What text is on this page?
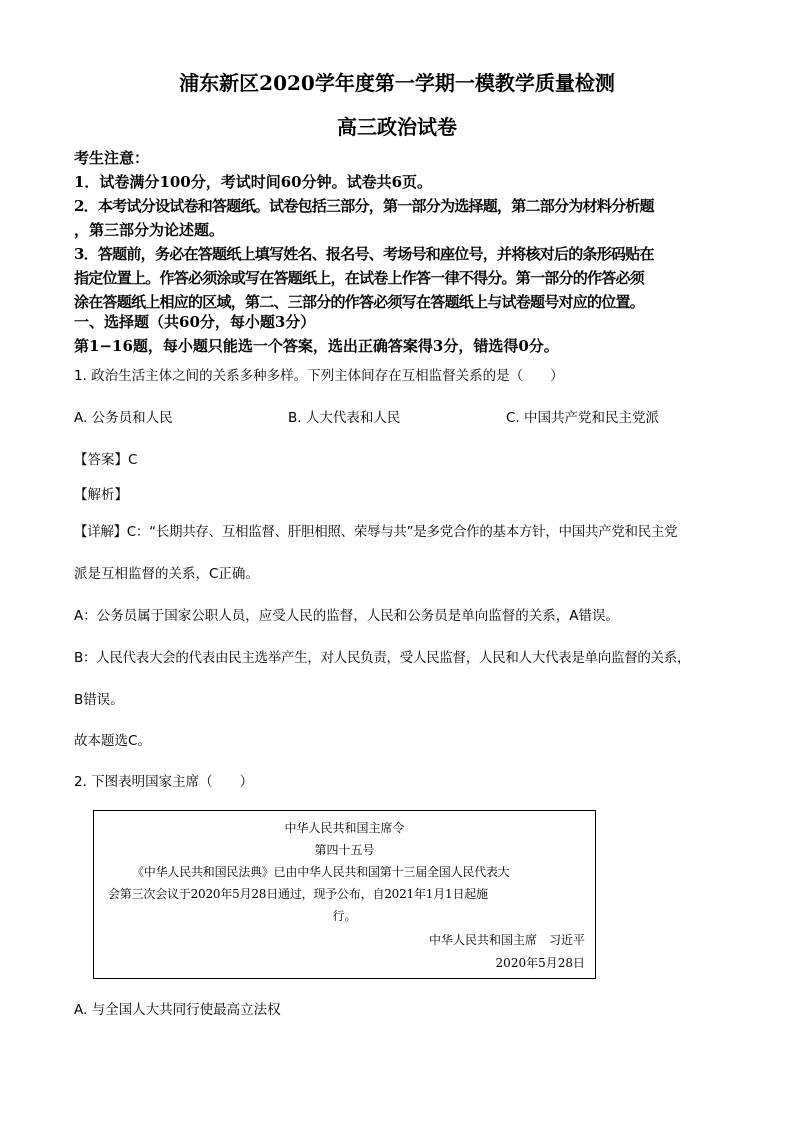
浦东新区2020学年度第一学期一模教学质量检测
高三政治试卷
考生注意：
1．试卷满分100分，考试时间60分钟。试卷共6页。
2．本考试分设试卷和答题纸。试卷包括三部分，第一部分为选择题，第二部分为材料分析题
，第三部分为论述题。
3．答题前，务必在答题纸上填写姓名、报名号、考场号和座位号，并将核对后的条形码贴在
指定位置上。作答必须涂或写在答题纸上，在试卷上作答一律不得分。第一部分的作答必须
涂在答题纸上相应的区域，第二、三部分的作答必须写在答题纸上与试卷题号对应的位置。
一、选择题（共60分，每小题3分）
第1−16题，每小题只能选一个答案，选出正确答案得3分，错选得0分。
1. 政治生活主体之间的关系多种多样。下列主体间存在互相监督关系的是（　　）
A. 公务员和人民	B. 人大代表和人民	C. 中国共产党和民主党派
【答案】C
【解析】
【详解】C：“长期共存、互相监督、肝胆相照、荣辱与共”是多党合作的基本方针，中国共产党和民主党
派是互相监督的关系，C正确。
A：公务员属于国家公职人员，应受人民的监督，人民和公务员是单向监督的关系，A错误。
B：人民代表大会的代表由民主选举产生，对人民负责，受人民监督，人民和人大代表是单向监督的关系，
B错误。
故本题选C。
2. 下图表明国家主席（　　）
中华人民共和国主席令
第四十五号
《中华人民共和国民法典》已由中华人民共和国第十三届全国人民代表大
会第三次会议于2020年5月28日通过，现予公布，自2021年1月1日起施
行。
中华人民共和国主席　习近平
2020年5月28日
A. 与全国人大共同行使最高立法权
